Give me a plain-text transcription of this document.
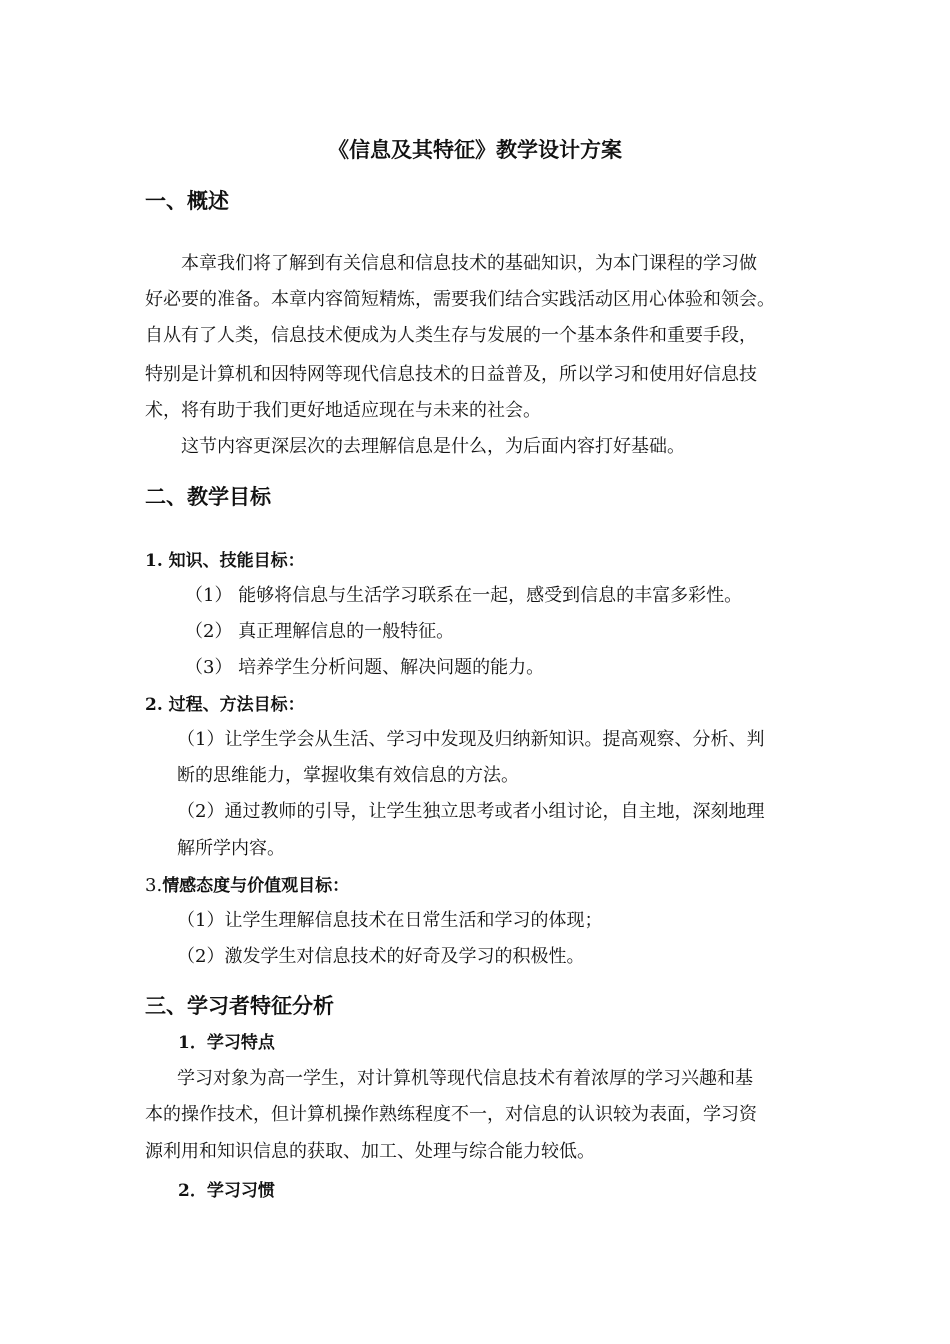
《信息及其特征》教学设计方案
一、概述
本章我们将了解到有关信息和信息技术的基础知识，为本门课程的学习做
好必要的准备。本章内容简短精炼，需要我们结合实践活动区用心体验和领会。
自从有了人类，信息技术便成为人类生存与发展的一个基本条件和重要手段，
特别是计算机和因特网等现代信息技术的日益普及，所以学习和使用好信息技
术，将有助于我们更好地适应现在与未来的社会。
这节内容更深层次的去理解信息是什么，为后面内容打好基础。
二、教学目标
1. 知识、技能目标：
（1） 能够将信息与生活学习联系在一起，感受到信息的丰富多彩性。
（2） 真正理解信息的一般特征。
（3） 培养学生分析问题、解决问题的能力。
2. 过程、方法目标：
（1）让学生学会从生活、学习中发现及归纳新知识。提高观察、分析、判
断的思维能力，掌握收集有效信息的方法。
（2）通过教师的引导，让学生独立思考或者小组讨论，自主地，深刻地理
解所学内容。
3.情感态度与价值观目标：
（1）让学生理解信息技术在日常生活和学习的体现；
（2）激发学生对信息技术的好奇及学习的积极性。
三、学习者特征分析
1．学习特点
学习对象为高一学生，对计算机等现代信息技术有着浓厚的学习兴趣和基
本的操作技术，但计算机操作熟练程度不一，对信息的认识较为表面，学习资
源利用和知识信息的获取、加工、处理与综合能力较低。
2．学习习惯
